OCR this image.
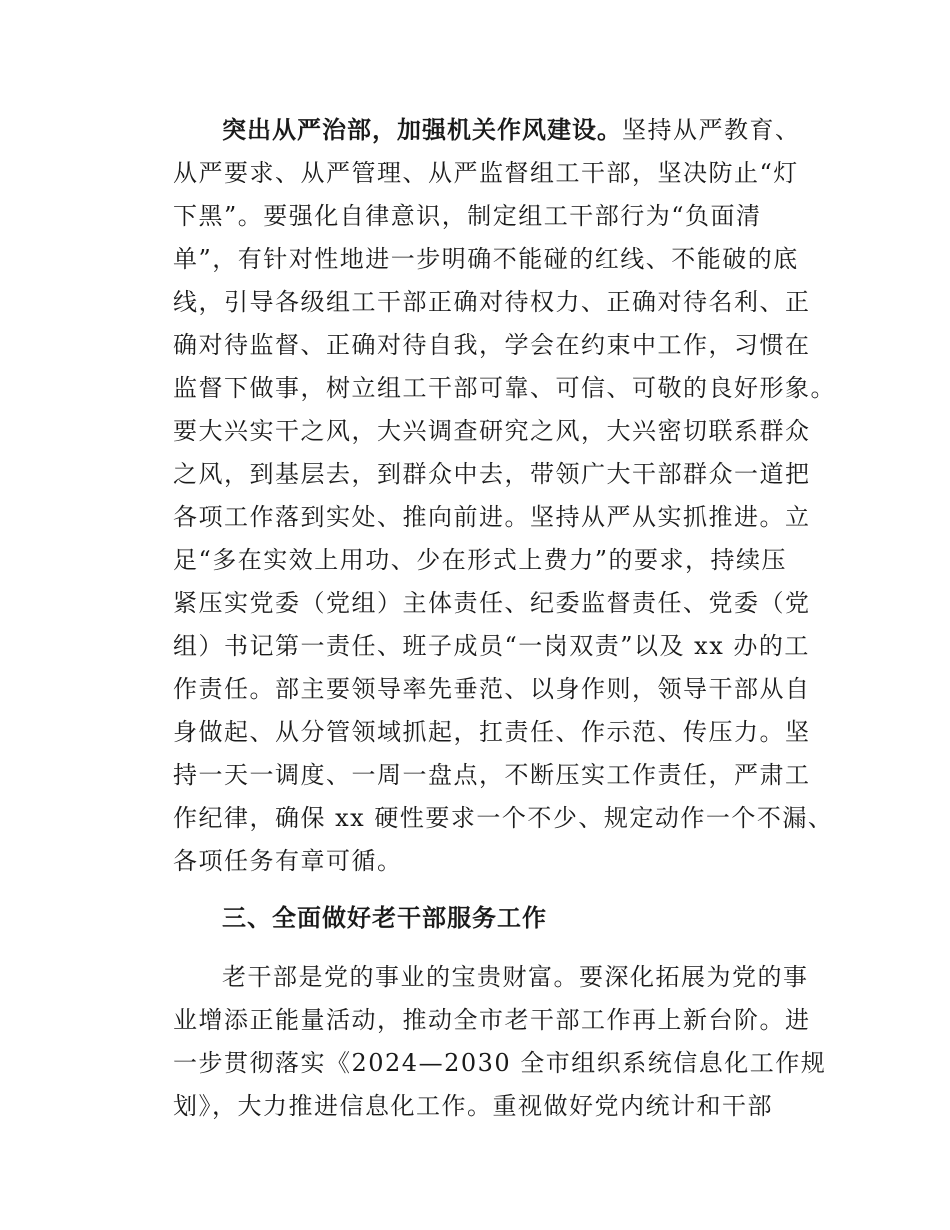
突出从严治部，加强机关作风建设。坚持从严教育、
从严要求、从严管理、从严监督组工干部，坚决防止“灯
下黑”。要强化自律意识，制定组工干部行为“负面清
单”，有针对性地进一步明确不能碰的红线、不能破的底
线，引导各级组工干部正确对待权力、正确对待名利、正
确对待监督、正确对待自我，学会在约束中工作，习惯在
监督下做事，树立组工干部可靠、可信、可敬的良好形象。
要大兴实干之风，大兴调查研究之风，大兴密切联系群众
之风，到基层去，到群众中去，带领广大干部群众一道把
各项工作落到实处、推向前进。坚持从严从实抓推进。立
足“多在实效上用功、少在形式上费力”的要求，持续压
紧压实党委（党组）主体责任、纪委监督责任、党委（党
组）书记第一责任、班子成员“一岗双责”以及 xx 办的工
作责任。部主要领导率先垂范、以身作则，领导干部从自
身做起、从分管领域抓起，扛责任、作示范、传压力。坚
持一天一调度、一周一盘点，不断压实工作责任，严肃工
作纪律，确保 xx 硬性要求一个不少、规定动作一个不漏、
各项任务有章可循。
三、全面做好老干部服务工作
老干部是党的事业的宝贵财富。要深化拓展为党的事
业增添正能量活动，推动全市老干部工作再上新台阶。进
一步贯彻落实《2024—2030 全市组织系统信息化工作规
划》，大力推进信息化工作。重视做好党内统计和干部
